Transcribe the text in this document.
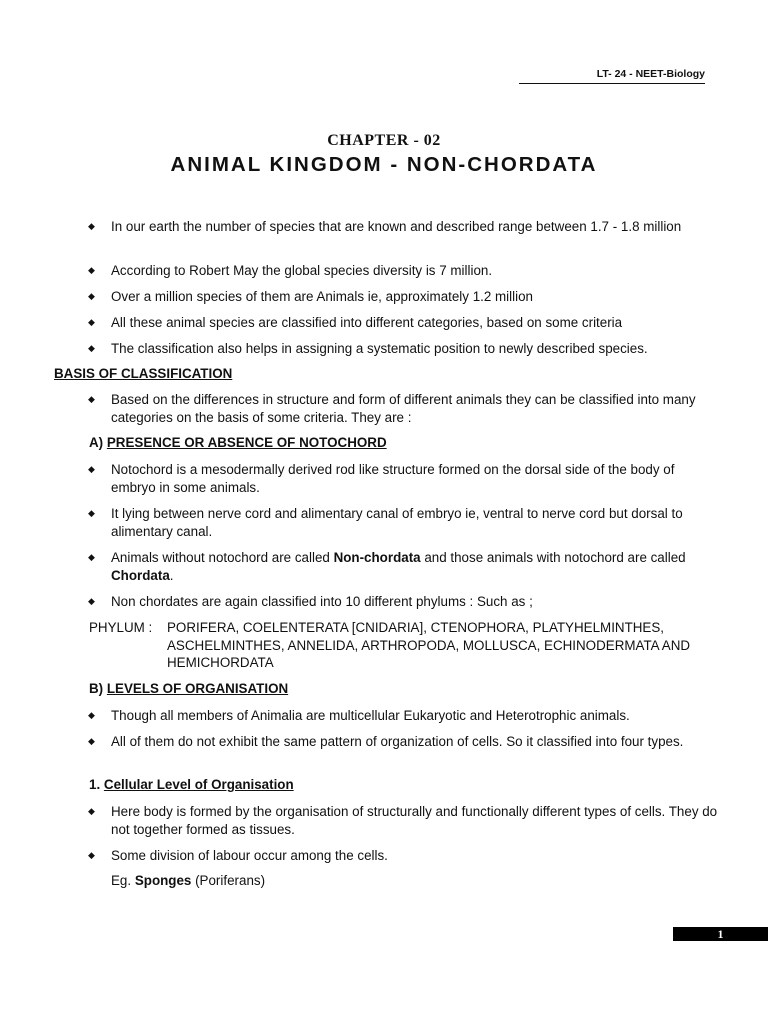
LT- 24 - NEET-Biology
CHAPTER - 02
ANIMAL KINGDOM - NON-CHORDATA
◆ In our earth the number of species that are known and described range between 1.7 - 1.8 million
◆ According to Robert May the global species diversity is 7 million.
◆ Over a million species of them are Animals ie, approximately 1.2 million
◆ All these animal species are classified into different categories, based on some criteria
◆ The classification also helps in assigning a systematic position to newly described species.
BASIS OF CLASSIFICATION
◆ Based on the differences in structure and form of different animals they can be classified into many categories on the basis of some criteria. They are :
A) PRESENCE OR ABSENCE OF NOTOCHORD
◆ Notochord is a mesodermally derived rod like structure formed on the dorsal side of the body of embryo in some animals.
◆ It lying between nerve cord and alimentary canal of embryo ie, ventral to nerve cord but dorsal to alimentary canal.
◆ Animals without notochord are called Non-chordata and those animals with notochord are called Chordata.
◆ Non chordates are again classified into 10 different phylums : Such as ;
PHYLUM : PORIFERA, COELENTERATA [CNIDARIA], CTENOPHORA, PLATYHELMINTHES, ASCHELMINTHES, ANNELIDA, ARTHROPODA, MOLLUSCA, ECHINODERMATA AND HEMICHORDATA
B) LEVELS OF ORGANISATION
◆ Though all members of Animalia are multicellular Eukaryotic and Heterotrophic animals.
◆ All of them do not exhibit the same pattern of organization of cells. So it classified into four types.
1. Cellular Level of Organisation
◆ Here body is formed by the organisation of structurally and functionally different types of cells. They do not together formed as tissues.
◆ Some division of labour occur among the cells.
Eg. Sponges (Poriferans)
1
